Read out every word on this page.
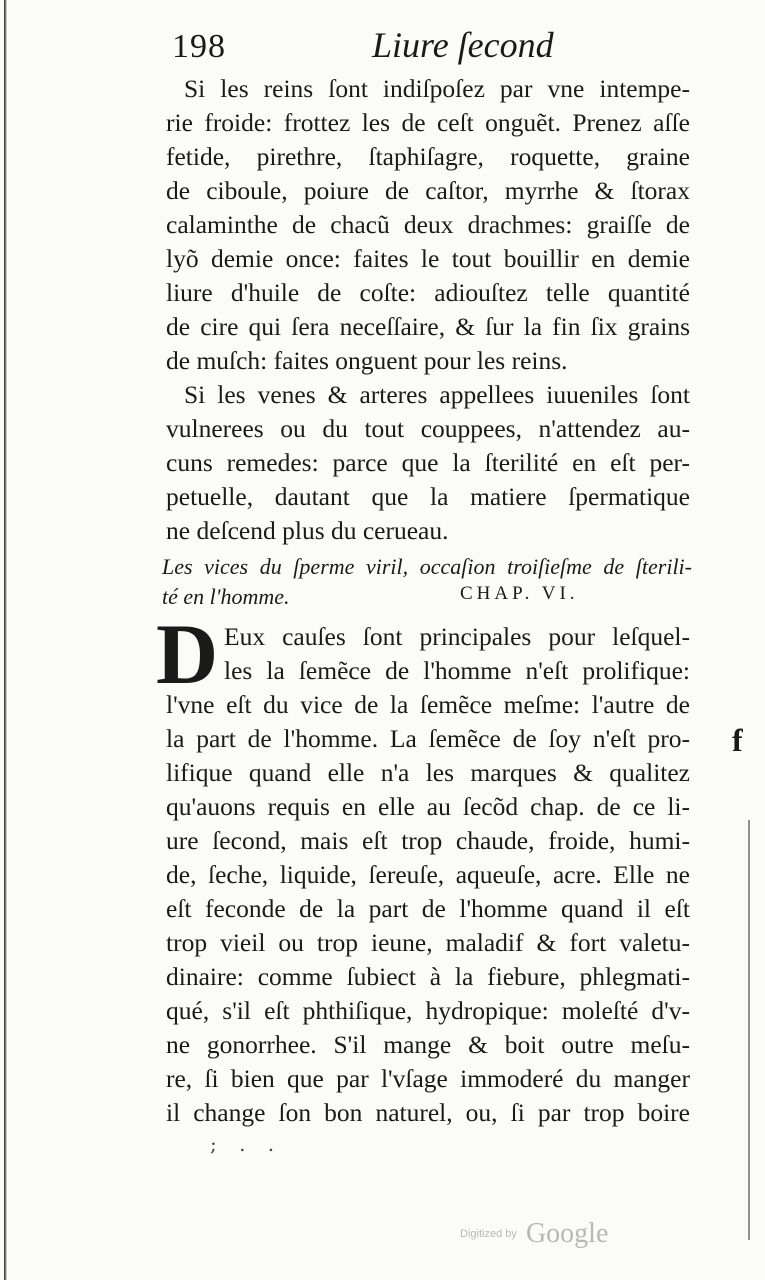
198	Liure ſecond
Si les reins ſont indiſpoſez par vne intempe-
rie froide: frottez les de ceſt onguẽt. Prenez aſſe
fetide, pirethre, ſtaphiſagre, roquette, graine
de ciboule, poiure de caſtor, myrrhe & ſtorax
calaminthe de chacũ deux drachmes: graiſſe de
lyõ demie once: faites le tout bouillir en demie
liure d'huile de coſte: adiouſtez telle quantité
de cire qui ſera neceſſaire, & ſur la fin ſix grains
de muſch: faites onguent pour les reins.
Si les venes & arteres appellees iuueniles ſont
vulnerees ou du tout couppees, n'attendez au-
cuns remedes: parce que la ſterilité en eſt per-
petuelle, dautant que la matiere ſpermatique
ne deſcend plus du cerueau.
Les vices du ſperme viril, occaſion troiſieſme de ſterili-
té en l'homme.	CHAP. VI.
D Eux cauſes ſont principales pour leſquel-
les la ſemẽce de l'homme n'eſt prolifique:
l'vne eſt du vice de la ſemẽce meſme: l'autre de
la part de l'homme. La ſemẽce de ſoy n'eſt pro-
lifique quand elle n'a les marques & qualitez
qu'auons requis en elle au ſecõd chap. de ce li-
ure ſecond, mais eſt trop chaude, froide, humi-
de, ſeche, liquide, ſereuſe, aqueuſe, acre. Elle ne
eſt feconde de la part de l'homme quand il eſt
trop vieil ou trop ieune, maladif & fort valetu-
dinaire: comme ſubiect à la fiebure, phlegmati-
qué, s'il eſt phthiſique, hydropique: moleſté d'v-
ne gonorrhee. S'il mange & boit outre meſu-
re, ſi bien que par l'vſage immoderé du manger
il change ſon bon naturel, ou, ſi par trop boire
f
; . .
Digitized by Google
